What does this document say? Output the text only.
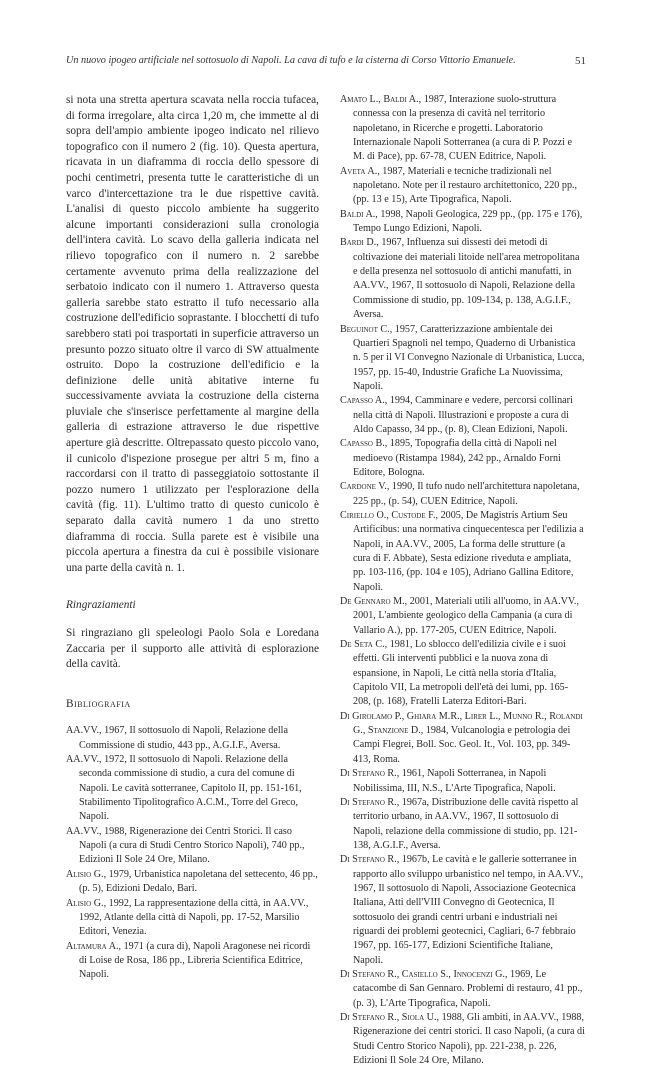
Un nuovo ipogeo artificiale nel sottosuolo di Napoli. La cava di tufo e la cisterna di Corso Vittorio Emanuele.	51

si nota una stretta apertura scavata nella roccia tufacea, di forma irregolare, alta circa 1,20 m, che immette al di sopra dell'ampio ambiente ipogeo indicato nel rilievo topografico con il numero 2 (fig. 10). Questa apertura, ricavata in un diaframma di roccia dello spessore di pochi centimetri, presenta tutte le caratteristiche di un varco d'intercettazione tra le due rispettive cavità. L'analisi di questo piccolo ambiente ha suggerito alcune importanti considerazioni sulla cronologia dell'intera cavità. Lo scavo della galleria indicata nel rilievo topografico con il numero n. 2 sarebbe certamente avvenuto prima della realizzazione del serbatoio indicato con il numero 1. Attraverso questa galleria sarebbe stato estratto il tufo necessario alla costruzione dell'edificio soprastante. I blocchetti di tufo sarebbero stati poi trasportati in superficie attraverso un presunto pozzo situato oltre il varco di SW attualmente ostruito. Dopo la costruzione dell'edificio e la definizione delle unità abitative interne fu successivamente avviata la costruzione della cisterna pluviale che s'inserisce perfettamente al margine della galleria di estrazione attraverso le due rispettive aperture già descritte. Oltrepassato questo piccolo vano, il cunicolo d'ispezione prosegue per altri 5 m, fino a raccordarsi con il tratto di passeggiatoio sottostante il pozzo numero 1 utilizzato per l'esplorazione della cavità (fig. 11). L'ultimo tratto di questo cunicolo è separato dalla cavità numero 1 da uno stretto diaframma di roccia. Sulla parete est è visibile una piccola apertura a finestra da cui è possibile visionare una parte della cavità n. 1.

Ringraziamenti

Si ringraziano gli speleologi Paolo Sola e Loredana Zaccaria per il supporto alle attività di esplorazione della cavità.

Bibliografia

AA.VV., 1967, Il sottosuolo di Napoli, Relazione della Commissione di studio, 443 pp., A.G.I.F., Aversa.

AA.VV., 1972, Il sottosuolo di Napoli. Relazione della seconda commissione di studio, a cura del comune di Napoli. Le cavità sotterranee, Capitolo II, pp. 151-161, Stabilimento Tipolitografico A.C.M., Torre del Greco, Napoli.

AA.VV., 1988, Rigenerazione dei Centri Storici. Il caso Napoli (a cura di Studi Centro Storico Napoli), 740 pp., Edizioni Il Sole 24 Ore, Milano.

Alisio G., 1979, Urbanistica napoletana del settecento, 46 pp., (p. 5), Edizioni Dedalo, Bari.

Alisio G., 1992, La rappresentazione della città, in AA.VV., 1992, Atlante della città di Napoli, pp. 17-52, Marsilio Editori, Venezia.

Altamura A., 1971 (a cura di), Napoli Aragonese nei ricordi di Loise de Rosa, 186 pp., Libreria Scientifica Editrice, Napoli.

Amato L., Baldi A., 1987, Interazione suolo-struttura connessa con la presenza di cavità nel territorio napoletano, in Ricerche e progetti. Laboratorio Internazionale Napoli Sotterranea (a cura di P. Pozzi e M. di Pace), pp. 67-78, CUEN Editrice, Napoli.

Aveta A., 1987, Materiali e tecniche tradizionali nel napoletano. Note per il restauro architettonico, 220 pp., (pp. 13 e 15), Arte Tipografica, Napoli.

Baldi A., 1998, Napoli Geologica, 229 pp., (pp. 175 e 176), Tempo Lungo Edizioni, Napoli.

Bardi D., 1967, Influenza sui dissesti dei metodi di coltivazione dei materiali litoide nell'area metropolitana e della presenza nel sottosuolo di antichi manufatti, in AA.VV., 1967, Il sottosuolo di Napoli, Relazione della Commissione di studio, pp. 109-134, p. 138, A.G.I.F., Aversa.

Beguinot C., 1957, Caratterizzazione ambientale dei Quartieri Spagnoli nel tempo, Quaderno di Urbanistica n. 5 per il VI Convegno Nazionale di Urbanistica, Lucca, 1957, pp. 15-40, Industrie Grafiche La Nuovissima, Napoli.

Capasso A., 1994, Camminare e vedere, percorsi collinari nella città di Napoli. Illustrazioni e proposte a cura di Aldo Capasso, 34 pp., (p. 8), Clean Edizioni, Napoli.

Capasso B., 1895, Topografia della città di Napoli nel medioevo (Ristampa 1984), 242 pp., Arnaldo Forni Editore, Bologna.

Cardone V., 1990, Il tufo nudo nell'architettura napoletana, 225 pp., (p. 54), CUEN Editrice, Napoli.

Ciriello O., Custode F., 2005, De Magistris Artium Seu Artificibus: una normativa cinquecentesca per l'edilizia a Napoli, in AA.VV., 2005, La forma delle strutture (a cura di F. Abbate), Sesta edizione riveduta e ampliata, pp. 103-116, (pp. 104 e 105), Adriano Gallina Editore, Napoli.

De Gennaro M., 2001, Materiali utili all'uomo, in AA.VV., 2001, L'ambiente geologico della Campania (a cura di Vallario A.), pp. 177-205, CUEN Editrice, Napoli.

De Seta C., 1981, Lo sblocco dell'edilizia civile e i suoi effetti. Gli interventi pubblici e la nuova zona di espansione, in Napoli, Le città nella storia d'Italia, Capitolo VII, La metropoli dell'età dei lumi, pp. 165-208, (p. 168), Fratelli Laterza Editori-Bari.

Di Girolamo P., Ghiara M.R., Lirer L., Munno R., Rolandi G., Stanzione D., 1984, Vulcanologia e petrologia dei Campi Flegrei, Boll. Soc. Geol. It., Vol. 103, pp. 349-413, Roma.

Di Stefano R., 1961, Napoli Sotterranea, in Napoli Nobilissima, III, N.S., L'Arte Tipografica, Napoli.

Di Stefano R., 1967a, Distribuzione delle cavità rispetto al territorio urbano, in AA.VV., 1967, Il sottosuolo di Napoli, relazione della commissione di studio, pp. 121-138, A.G.I.F., Aversa.

Di Stefano R., 1967b, Le cavità e le gallerie sotterranee in rapporto allo sviluppo urbanistico nel tempo, in AA.VV., 1967, Il sottosuolo di Napoli, Associazione Geotecnica Italiana, Atti dell'VIII Convegno di Geotecnica, Il sottosuolo dei grandi centri urbani e industriali nei riguardi dei problemi geotecnici, Cagliari, 6-7 febbraio 1967, pp. 165-177, Edizioni Scientifiche Italiane, Napoli.

Di Stefano R., Casiello S., Innocenzi G., 1969, Le catacombe di San Gennaro. Problemi di restauro, 41 pp., (p. 3), L'Arte Tipografica, Napoli.

Di Stefano R., Siola U., 1988, Gli ambiti, in AA.VV., 1988, Rigenerazione dei centri storici. Il caso Napoli, (a cura di Studi Centro Storico Napoli), pp. 221-238, p. 226, Edizioni Il Sole 24 Ore, Milano.
